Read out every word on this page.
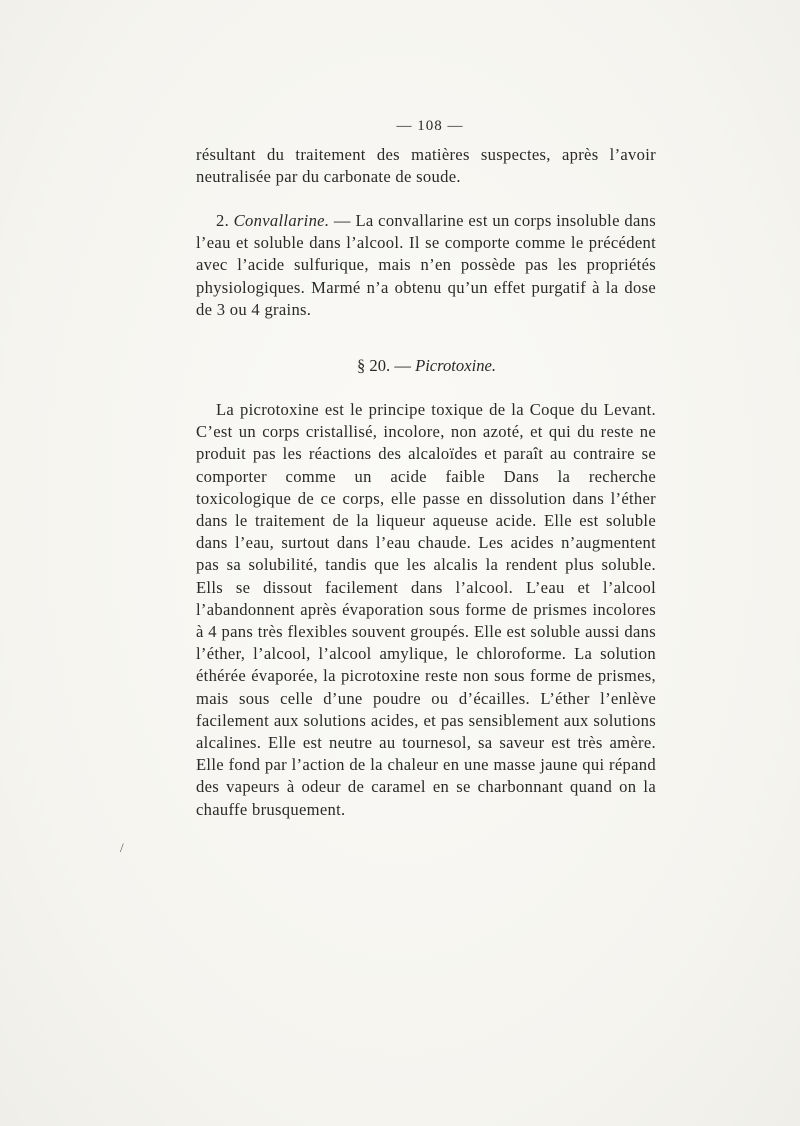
— 108 —

résultant du traitement des matières suspectes, après l’avoir neutralisée par du carbonate de soude.

2. Convallarine. — La convallarine est un corps insoluble dans l’eau et soluble dans l’alcool. Il se comporte comme le précédent avec l’acide sulfurique, mais n’en possède pas les propriétés physiologiques. Marmé n’a obtenu qu’un effet purgatif à la dose de 3 ou 4 grains.

§ 20. — Picrotoxine.

La picrotoxine est le principe toxique de la Coque du Levant. C’est un corps cristallisé, incolore, non azoté, et qui du reste ne produit pas les réactions des alcaloïdes et paraît au contraire se comporter comme un acide faible Dans la recherche toxicologique de ce corps, elle passe en dissolution dans l’éther dans le traitement de la liqueur aqueuse acide. Elle est soluble dans l’eau, surtout dans l’eau chaude. Les acides n’augmentent pas sa solubilité, tandis que les alcalis la rendent plus soluble. Ells se dissout facilement dans l’alcool. L’eau et l’alcool l’abandonnent après évaporation sous forme de prismes incolores à 4 pans très flexibles souvent groupés. Elle est soluble aussi dans l’éther, l’alcool, l’alcool amylique, le chloroforme. La solution éthérée évaporée, la picrotoxine reste non sous forme de prismes, mais sous celle d’une poudre ou d’écailles. L’éther l’enlève facilement aux solutions acides, et pas sensiblement aux solutions alcalines. Elle est neutre au tournesol, sa saveur est très amère. Elle fond par l’action de la chaleur en une masse jaune qui répand des vapeurs à odeur de caramel en se charbonnant quand on la chauffe brusquement.

/
